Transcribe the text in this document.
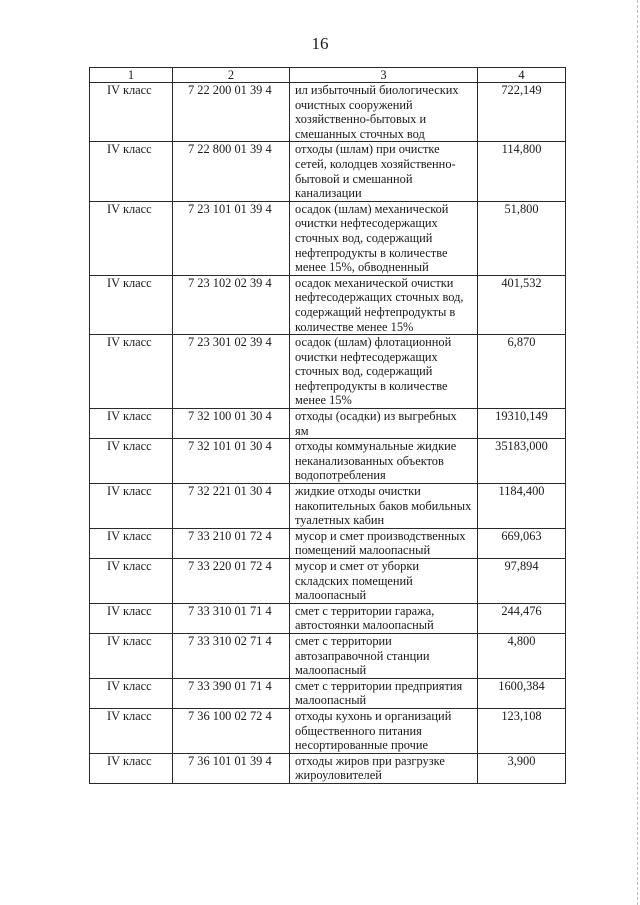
16
1	2	3	4
IV класс	7 22 200 01 39 4	ил избыточный биологических очистных сооружений хозяйственно-бытовых и смешанных сточных вод	722,149
IV класс	7 22 800 01 39 4	отходы (шлам) при очистке сетей, колодцев хозяйственно-бытовой и смешанной канализации	114,800
IV класс	7 23 101 01 39 4	осадок (шлам) механической очистки нефтесодержащих сточных вод, содержащий нефтепродукты в количестве менее 15%, обводненный	51,800
IV класс	7 23 102 02 39 4	осадок механической очистки нефтесодержащих сточных вод, содержащий нефтепродукты в количестве менее 15%	401,532
IV класс	7 23 301 02 39 4	осадок (шлам) флотационной очистки нефтесодержащих сточных вод, содержащий нефтепродукты в количестве менее 15%	6,870
IV класс	7 32 100 01 30 4	отходы (осадки) из выгребных ям	19310,149
IV класс	7 32 101 01 30 4	отходы коммунальные жидкие неканализованных объектов водопотребления	35183,000
IV класс	7 32 221 01 30 4	жидкие отходы очистки накопительных баков мобильных туалетных кабин	1184,400
IV класс	7 33 210 01 72 4	мусор и смет производственных помещений малоопасный	669,063
IV класс	7 33 220 01 72 4	мусор и смет от уборки складских помещений малоопасный	97,894
IV класс	7 33 310 01 71 4	смет с территории гаража, автостоянки малоопасный	244,476
IV класс	7 33 310 02 71 4	смет с территории автозаправочной станции малоопасный	4,800
IV класс	7 33 390 01 71 4	смет с территории предприятия малоопасный	1600,384
IV класс	7 36 100 02 72 4	отходы кухонь и организаций общественного питания несортированные прочие	123,108
IV класс	7 36 101 01 39 4	отходы жиров при разгрузке жироуловителей	3,900
